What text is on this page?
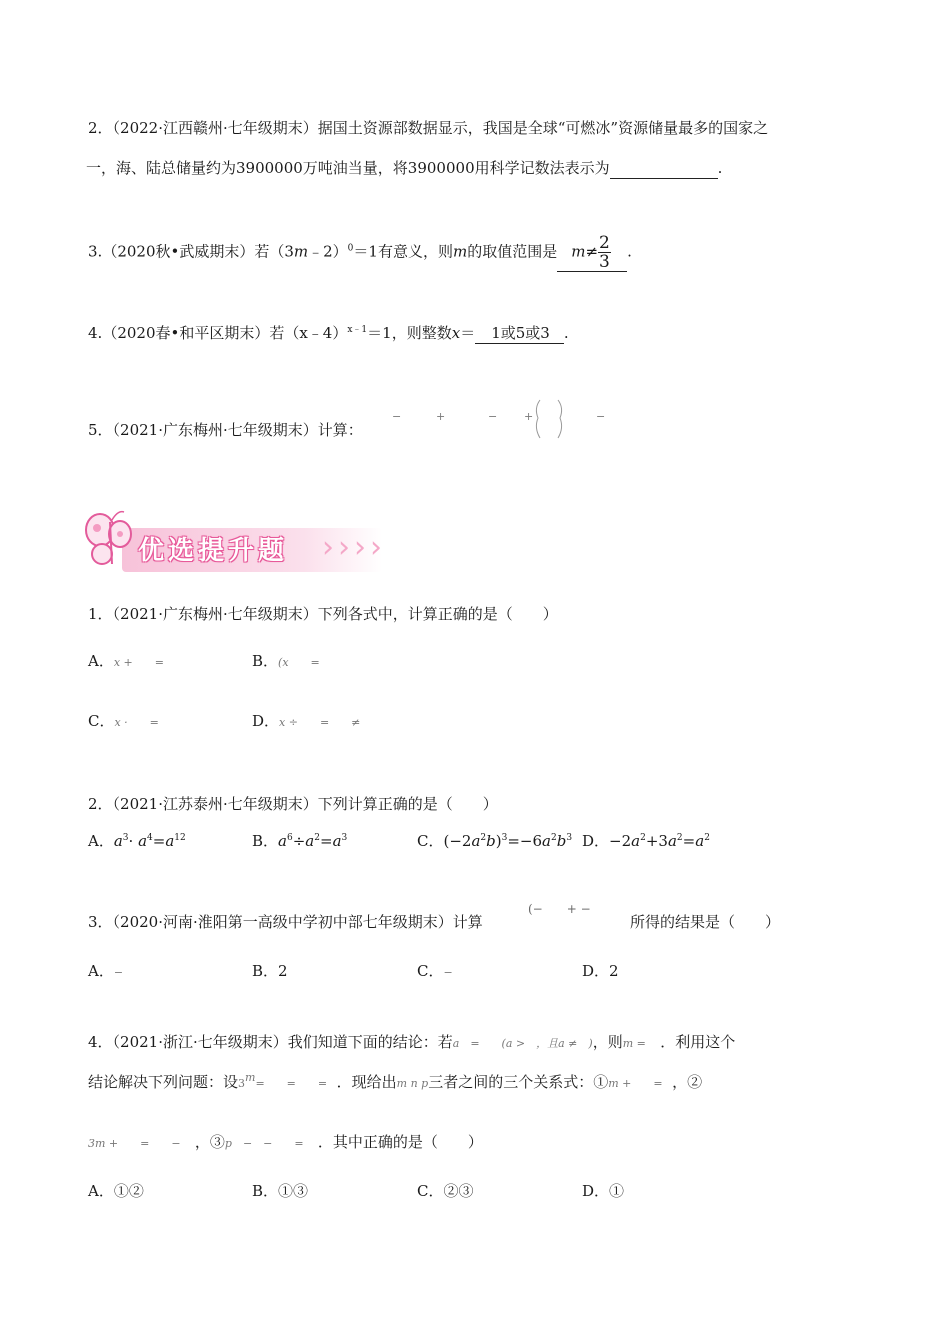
2．（2022·江西赣州·七年级期末）据国土资源部数据显示，我国是全球“可燃冰”资源储量最多的国家之
一，海、陆总储量约为3900000万吨油当量，将3900000用科学记数法表示为	.
3.（2020秋•武威期末）若（3m﹣2）$^0$＝1有意义，则m的取值范围是 $m\ne \frac{2}{3}$ .
4.（2020春•和平区期末）若（x﹣4）$^{x﹣1}$＝1，则整数x＝ 1或5或3 .
5．（2021·广东梅州·七年级期末）计算：
−	+	− +	−
优选提升题 › › › ›
1．（2021·广东梅州·七年级期末）下列各式中，计算正确的是（　　）
A．x +　　=	B．(x　　=
C．x ·　　=	D．x ÷　　=　　≠
2．（2021·江苏泰州·七年级期末）下列计算正确的是（　　）
A．$a^3\cdot a^4=a^{12}$	B．$a^6\div a^2=a^3$	C．$(-2a^2b)^3=-6a^2b^3$ D．$-2a^2+3a^2=a^2$
3．（2020·河南·淮阳第一高级中学初中部七年级期末）计算
(−　　+ −
所得的结果是（　　）
A．−	B．2	C．−	D．2
4．（2021·浙江·七年级期末）我们知道下面的结论：若a　=　　(a >　，且a ≠　)，则m = ．利用这个
结论解决下列问题：设$3^m=$　　=　　= ．现给出m n p三者之间的三个关系式：①m +　　= ，②
3m +　　=　　− ，③p　−　−　　= ．其中正确的是（　　）
A．①②	B．①③	C．②③	D．①
